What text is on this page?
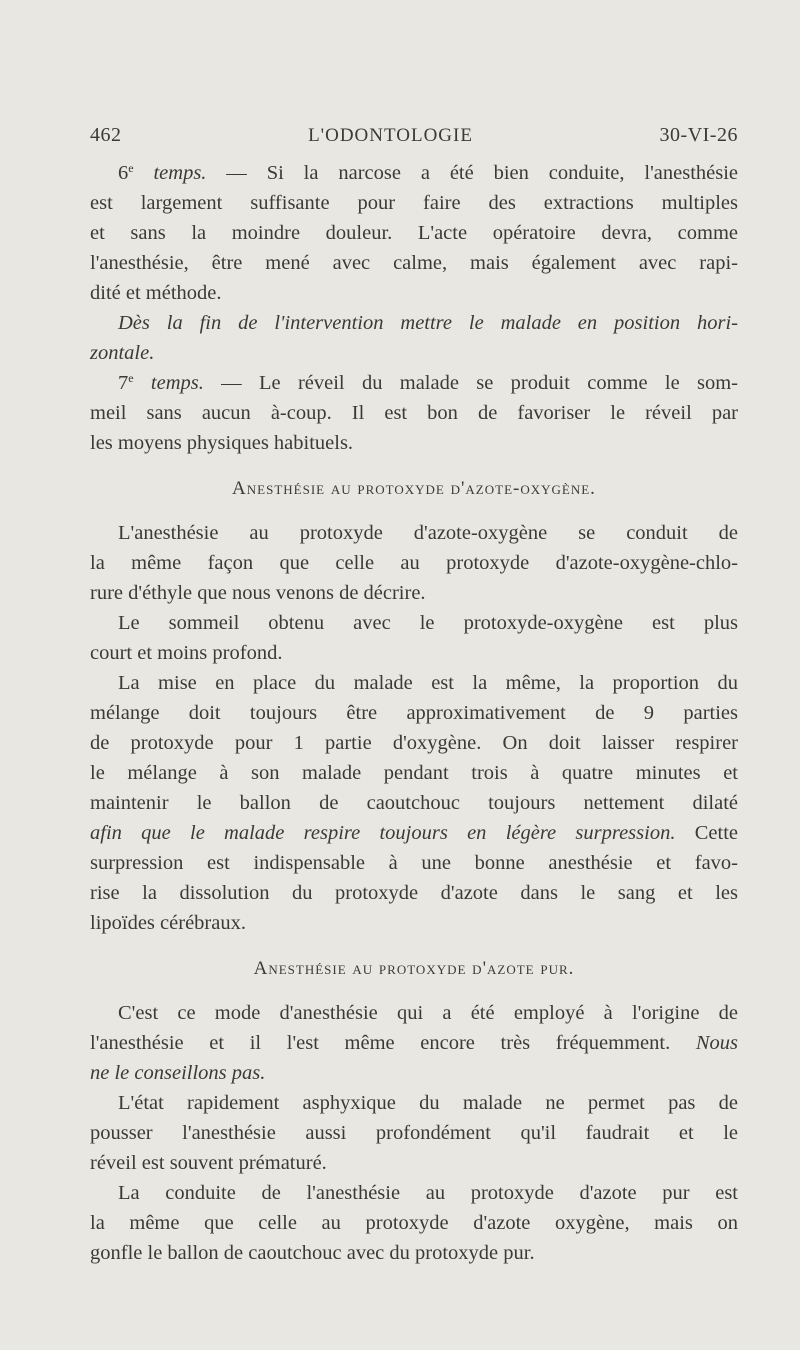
462	L'ODONTOLOGIE	30-VI-26
6e temps. — Si la narcose a été bien conduite, l'anesthésie
est largement suffisante pour faire des extractions multiples
et sans la moindre douleur. L'acte opératoire devra, comme
l'anesthésie, être mené avec calme, mais également avec rapi-
dité et méthode.
Dès la fin de l'intervention mettre le malade en position hori-
zontale.
7e temps. — Le réveil du malade se produit comme le som-
meil sans aucun à-coup. Il est bon de favoriser le réveil par
les moyens physiques habituels.
Anesthésie au protoxyde d'azote-oxygène.
L'anesthésie au protoxyde d'azote-oxygène se conduit de
la même façon que celle au protoxyde d'azote-oxygène-chlo-
rure d'éthyle que nous venons de décrire.
Le sommeil obtenu avec le protoxyde-oxygène est plus
court et moins profond.
La mise en place du malade est la même, la proportion du
mélange doit toujours être approximativement de 9 parties
de protoxyde pour 1 partie d'oxygène. On doit laisser respirer
le mélange à son malade pendant trois à quatre minutes et
maintenir le ballon de caoutchouc toujours nettement dilaté
afin que le malade respire toujours en légère surpression. Cette
surpression est indispensable à une bonne anesthésie et favo-
rise la dissolution du protoxyde d'azote dans le sang et les
lipoïdes cérébraux.
Anesthésie au protoxyde d'azote pur.
C'est ce mode d'anesthésie qui a été employé à l'origine de
l'anesthésie et il l'est même encore très fréquemment. Nous
ne le conseillons pas.
L'état rapidement asphyxique du malade ne permet pas de
pousser l'anesthésie aussi profondément qu'il faudrait et le
réveil est souvent prématuré.
La conduite de l'anesthésie au protoxyde d'azote pur est
la même que celle au protoxyde d'azote oxygène, mais on
gonfle le ballon de caoutchouc avec du protoxyde pur.
